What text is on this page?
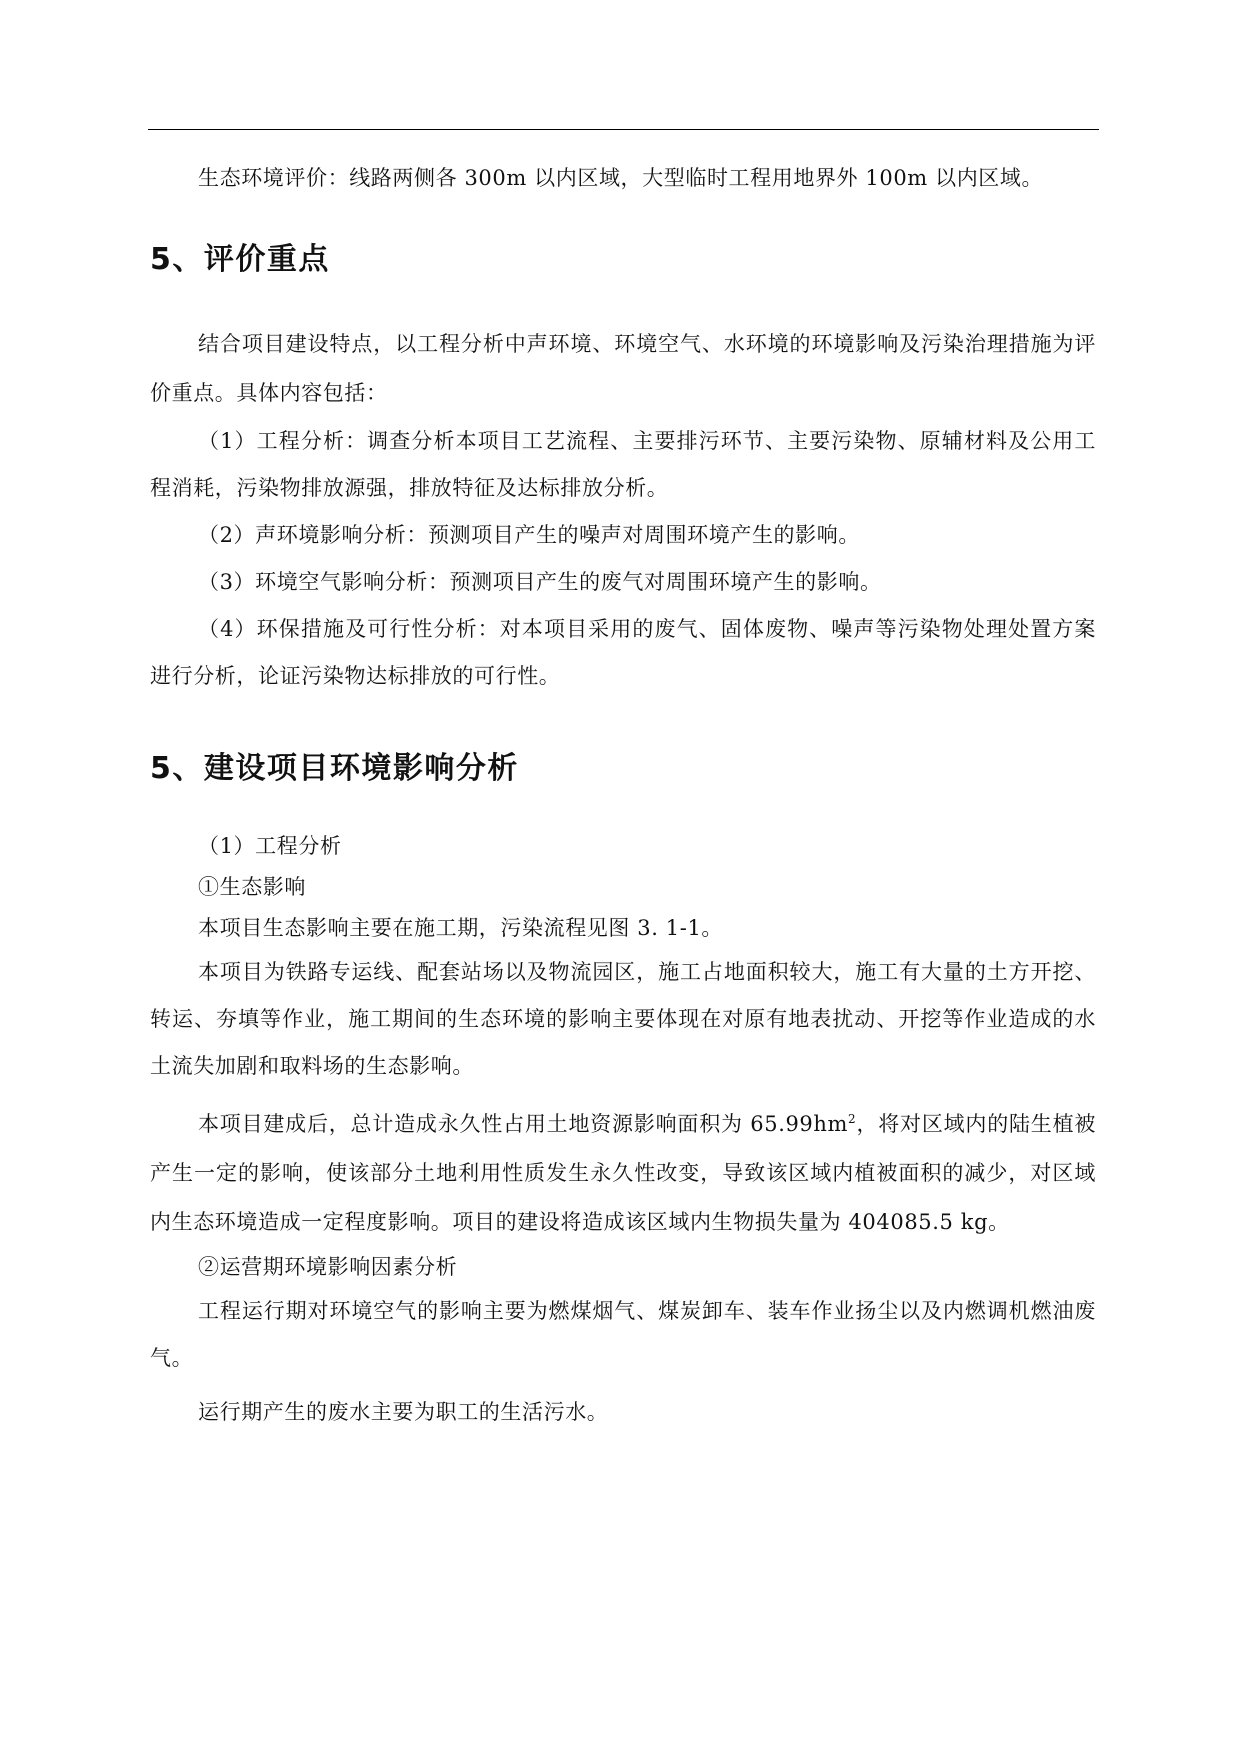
生态环境评价：线路两侧各 300m 以内区域，大型临时工程用地界外 100m 以内区域。

5、评价重点

结合项目建设特点，以工程分析中声环境、环境空气、水环境的环境影响及污染治理措施为评价重点。具体内容包括：

（1）工程分析：调查分析本项目工艺流程、主要排污环节、主要污染物、原辅材料及公用工程消耗，污染物排放源强，排放特征及达标排放分析。

（2）声环境影响分析：预测项目产生的噪声对周围环境产生的影响。

（3）环境空气影响分析：预测项目产生的废气对周围环境产生的影响。

（4）环保措施及可行性分析：对本项目采用的废气、固体废物、噪声等污染物处理处置方案进行分析，论证污染物达标排放的可行性。

5、建设项目环境影响分析

（1）工程分析

①生态影响

本项目生态影响主要在施工期，污染流程见图 3. 1-1。

本项目为铁路专运线、配套站场以及物流园区，施工占地面积较大，施工有大量的土方开挖、转运、夯填等作业，施工期间的生态环境的影响主要体现在对原有地表扰动、开挖等作业造成的水土流失加剧和取料场的生态影响。

本项目建成后，总计造成永久性占用土地资源影响面积为 $65.99hm^2$，将对区域内的陆生植被产生一定的影响，使该部分土地利用性质发生永久性改变，导致该区域内植被面积的减少，对区域内生态环境造成一定程度影响。项目的建设将造成该区域内生物损失量为 404085.5 kg。

②运营期环境影响因素分析

工程运行期对环境空气的影响主要为燃煤烟气、煤炭卸车、装车作业扬尘以及内燃调机燃油废气。

运行期产生的废水主要为职工的生活污水。
